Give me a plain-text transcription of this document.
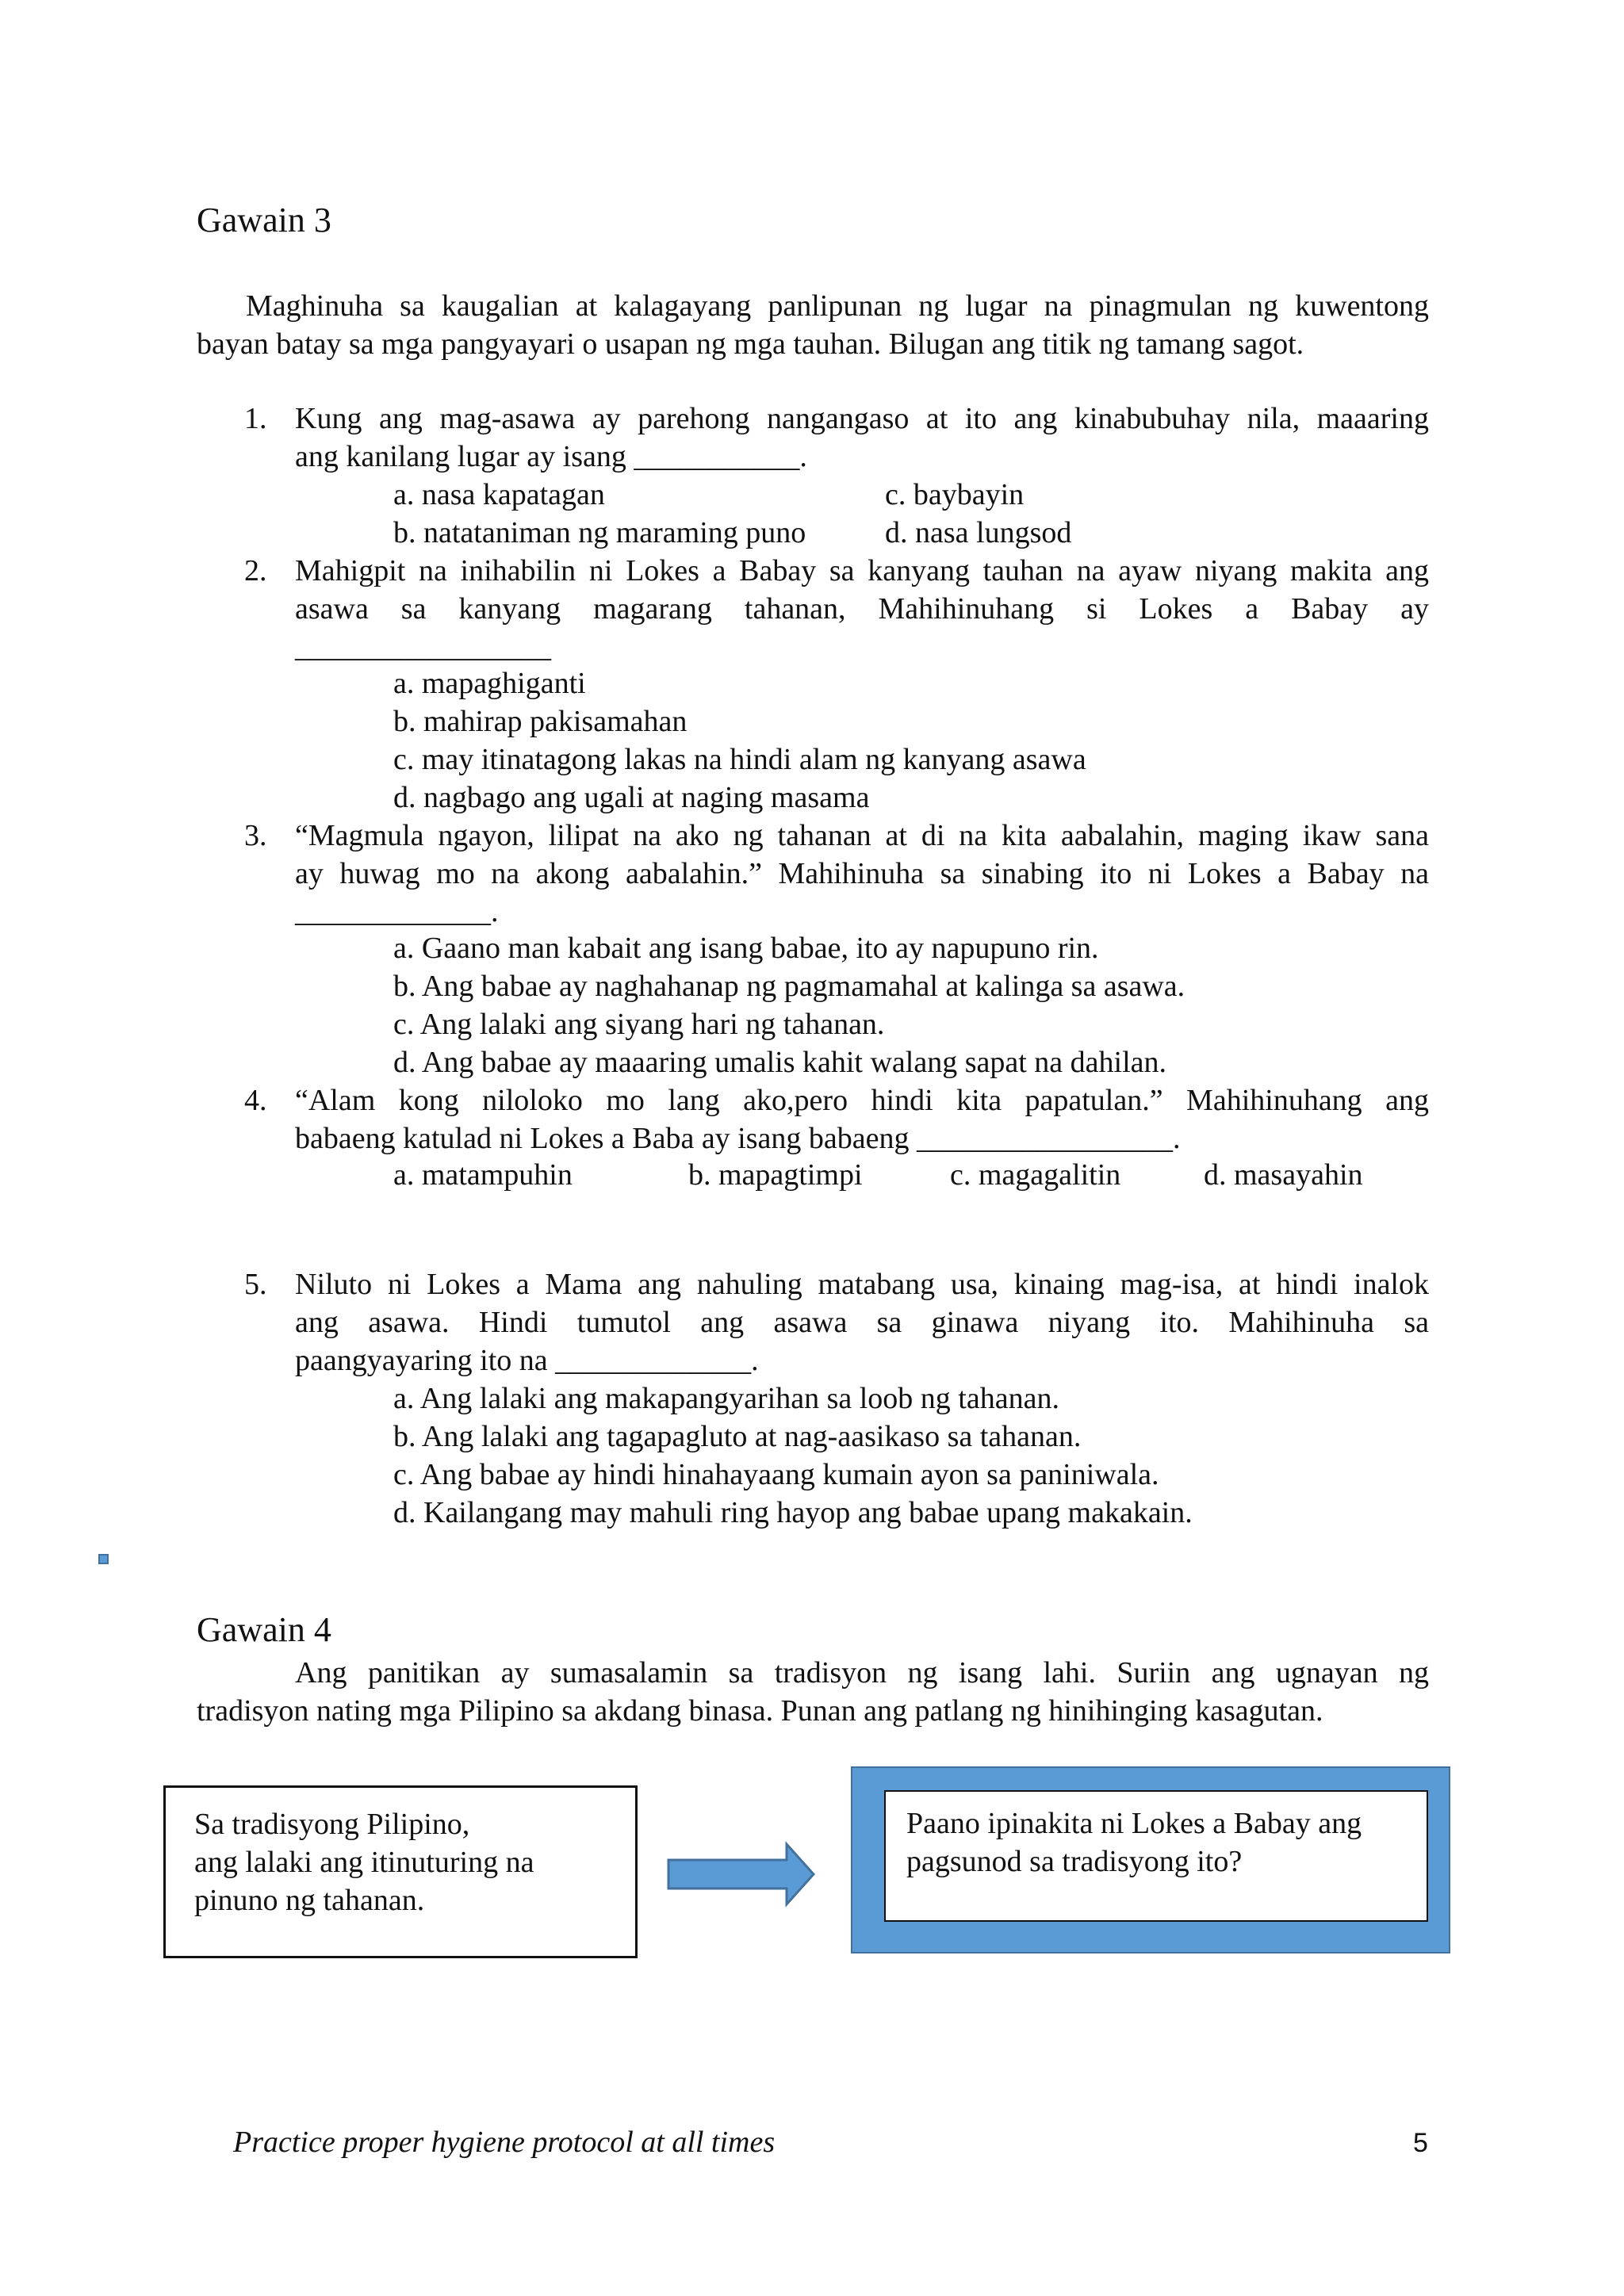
Gawain 3
Maghinuha sa kaugalian at kalagayang panlipunan ng lugar na pinagmulan ng kuwentong
bayan batay sa mga pangyayari o usapan ng mga tauhan. Bilugan ang titik ng tamang sagot.
1. Kung ang mag-asawa ay parehong nangangaso at ito ang kinabubuhay nila, maaaring
ang kanilang lugar ay isang ___________.
a. nasa kapatagan	c. baybayin
b. natataniman ng maraming puno	d. nasa lungsod
2. Mahigpit na inihabilin ni Lokes a Babay sa kanyang tauhan na ayaw niyang makita ang
asawa sa kanyang magarang tahanan, Mahihinuhang si Lokes a Babay ay
_________________
a. mapaghiganti
b. mahirap pakisamahan
c. may itinatagong lakas na hindi alam ng kanyang asawa
d. nagbago ang ugali at naging masama
3. “Magmula ngayon, lilipat na ako ng tahanan at di na kita aabalahin, maging ikaw sana
ay huwag mo na akong aabalahin.” Mahihinuha sa sinabing ito ni Lokes a Babay na
_____________.
a. Gaano man kabait ang isang babae, ito ay napupuno rin.
b. Ang babae ay naghahanap ng pagmamahal at kalinga sa asawa.
c. Ang lalaki ang siyang hari ng tahanan.
d. Ang babae ay maaaring umalis kahit walang sapat na dahilan.
4. “Alam kong niloloko mo lang ako,pero hindi kita papatulan.” Mahihinuhang ang
babaeng katulad ni Lokes a Baba ay isang babaeng _________________.
a. matampuhin	b. mapagtimpi	c. magagalitin	d. masayahin
5. Niluto ni Lokes a Mama ang nahuling matabang usa, kinaing mag-isa, at hindi inalok
ang asawa. Hindi tumutol ang asawa sa ginawa niyang ito. Mahihinuha sa
paangyayaring ito na _____________.
a. Ang lalaki ang makapangyarihan sa loob ng tahanan.
b. Ang lalaki ang tagapagluto at nag-aasikaso sa tahanan.
c. Ang babae ay hindi hinahayaang kumain ayon sa paniniwala.
d. Kailangang may mahuli ring hayop ang babae upang makakain.
Gawain 4
Ang panitikan ay sumasalamin sa tradisyon ng isang lahi. Suriin ang ugnayan ng
tradisyon nating mga Pilipino sa akdang binasa. Punan ang patlang ng hinihinging kasagutan.
Sa tradisyong Pilipino,
ang lalaki ang itinuturing na
pinuno ng tahanan.
Paano ipinakita ni Lokes a Babay ang
pagsunod sa tradisyong ito?
Practice proper hygiene protocol at all times	5
